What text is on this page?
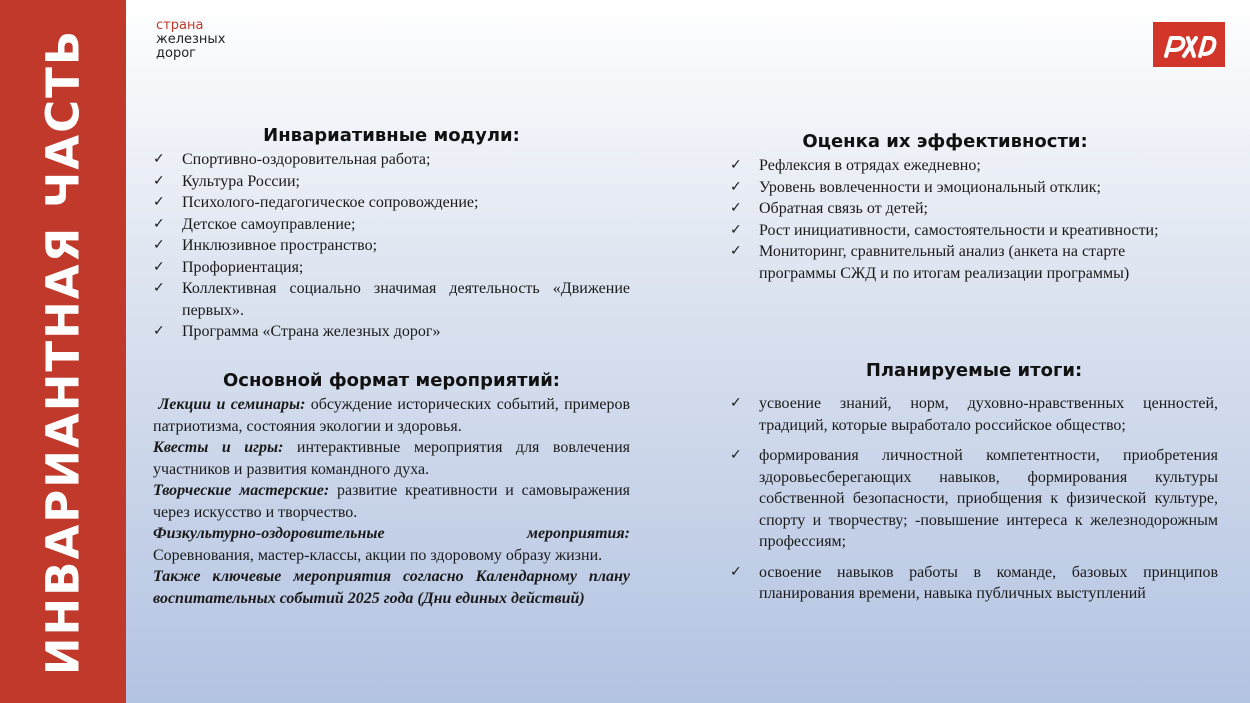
ИНВАРИАНТНАЯ ЧАСТЬ
страна
железных
дорог
Инвариативные модули:
✓ Спортивно-оздоровительная работа;
✓ Культура России;
✓ Психолого-педагогическое сопровождение;
✓ Детское самоуправление;
✓ Инклюзивное пространство;
✓ Профориентация;
✓ Коллективная социально значимая деятельность «Движение первых».
✓ Программа «Страна железных дорог»
Основной формат мероприятий:

Лекции и семинары: обсуждение исторических событий, примеров патриотизма, состояния экологии и здоровья.

Квесты и игры: интерактивные мероприятия для вовлечения участников и развития командного духа.

Творческие мастерские: развитие креативности и самовыражения через искусство и творчество.

Физкультурно-оздоровительные мероприятия: Соревнования, мастер-классы, акции по здоровому образу жизни.

Также ключевые мероприятия согласно Календарному плану воспитательных событий 2025 года (Дни единых действий)

Оценка их эффективности:
✓ Рефлексия в отрядах ежедневно;
✓ Уровень вовлеченности и эмоциональный отклик;
✓ Обратная связь от детей;
✓ Рост инициативности, самостоятельности и креативности;
✓ Мониторинг, сравнительный анализ (анкета на старте программы СЖД и по итогам реализации программы)
Планируемые итоги:
✓ усвоение знаний, норм, духовно-нравственных ценностей, традиций, которые выработало российское общество;
✓ формирования личностной компетентности, приобретения здоровьесберегающих навыков, формирования культуры собственной безопасности, приобщения к физической культуре, спорту и творчеству; -повышение интереса к железнодорожным профессиям;
✓ освоение навыков работы в команде, базовых принципов планирования времени, навыка публичных выступлений
